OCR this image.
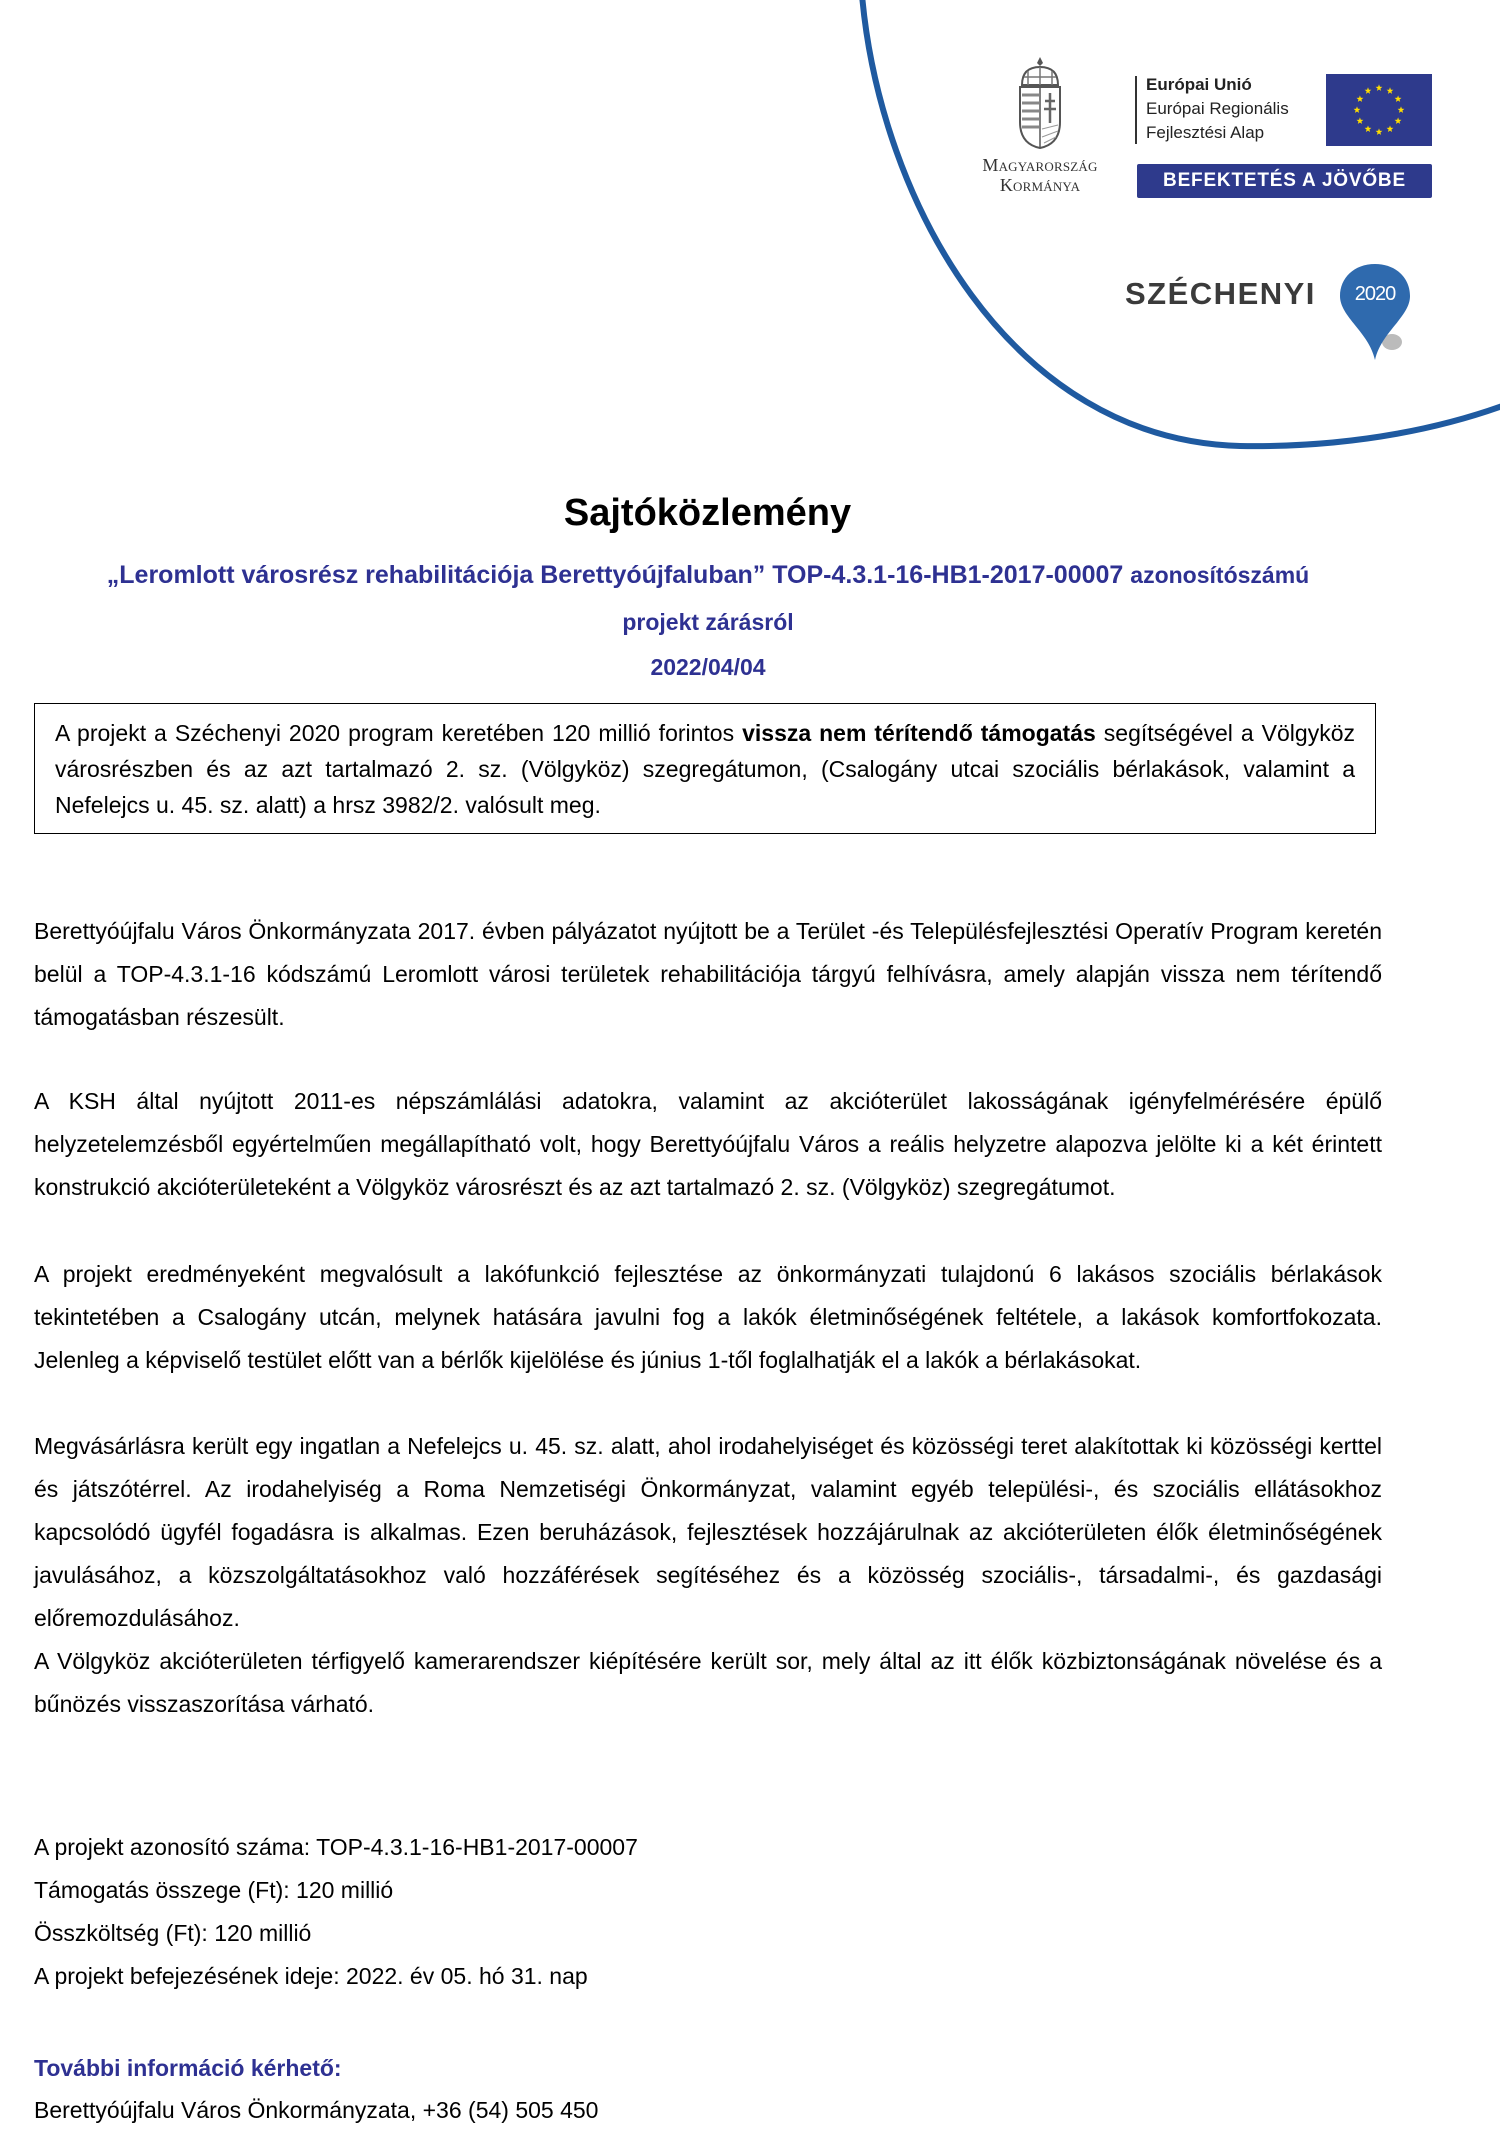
Magyarország
Kormánya
Európai Unió
Európai Regionális
Fejlesztési Alap
BEFEKTETÉS A JÖVŐBE
SZÉCHENYI	2020
Sajtóközlemény
„Leromlott városrész rehabilitációja Berettyóújfaluban” TOP-4.3.1-16-HB1-2017-00007 azonosítószámú
projekt zárásról
2022/04/04
A projekt a Széchenyi 2020 program keretében 120 millió forintos vissza nem térítendő támogatás segítségével a Völgyköz városrészben és az azt tartalmazó 2. sz. (Völgyköz) szegregátumon, (Csalogány utcai szociális bérlakások, valamint a Nefelejcs u. 45. sz. alatt) a hrsz 3982/2. valósult meg.
Berettyóújfalu Város Önkormányzata 2017. évben pályázatot nyújtott be a Terület -és Településfejlesztési Operatív Program keretén belül a TOP-4.3.1-16 kódszámú Leromlott városi területek rehabilitációja tárgyú felhívásra, amely alapján vissza nem térítendő támogatásban részesült.
A KSH által nyújtott 2011-es népszámlálási adatokra, valamint az akcióterület lakosságának igényfelmérésére épülő helyzetelemzésből egyértelműen megállapítható volt, hogy Berettyóújfalu Város a reális helyzetre alapozva jelölte ki a két érintett konstrukció akcióterületeként a Völgyköz városrészt és az azt tartalmazó 2. sz. (Völgyköz) szegregátumot.
A projekt eredményeként megvalósult a lakófunkció fejlesztése az önkormányzati tulajdonú 6 lakásos szociális bérlakások tekintetében a Csalogány utcán, melynek hatására javulni fog a lakók életminőségének feltétele, a lakások komfortfokozata. Jelenleg a képviselő testület előtt van a bérlők kijelölése és június 1-től foglalhatják el a lakók a bérlakásokat.
Megvásárlásra került egy ingatlan a Nefelejcs u. 45. sz. alatt, ahol irodahelyiséget és közösségi teret alakítottak ki közösségi kerttel és játszótérrel. Az irodahelyiség a Roma Nemzetiségi Önkormányzat, valamint egyéb települési-, és szociális ellátásokhoz kapcsolódó ügyfél fogadásra is alkalmas. Ezen beruházások, fejlesztések hozzájárulnak az akcióterületen élők életminőségének javulásához, a közszolgáltatásokhoz való hozzáférések segítéséhez és a közösség szociális-, társadalmi-, és gazdasági előremozdulásához.
A Völgyköz akcióterületen térfigyelő kamerarendszer kiépítésére került sor, mely által az itt élők közbiztonságának növelése és a bűnözés visszaszorítása várható.
A projekt azonosító száma: TOP-4.3.1-16-HB1-2017-00007
Támogatás összege (Ft): 120 millió
Összköltség (Ft): 120 millió
A projekt befejezésének ideje: 2022. év 05. hó 31. nap
További információ kérhető:
Berettyóújfalu Város Önkormányzata, +36 (54) 505 450
